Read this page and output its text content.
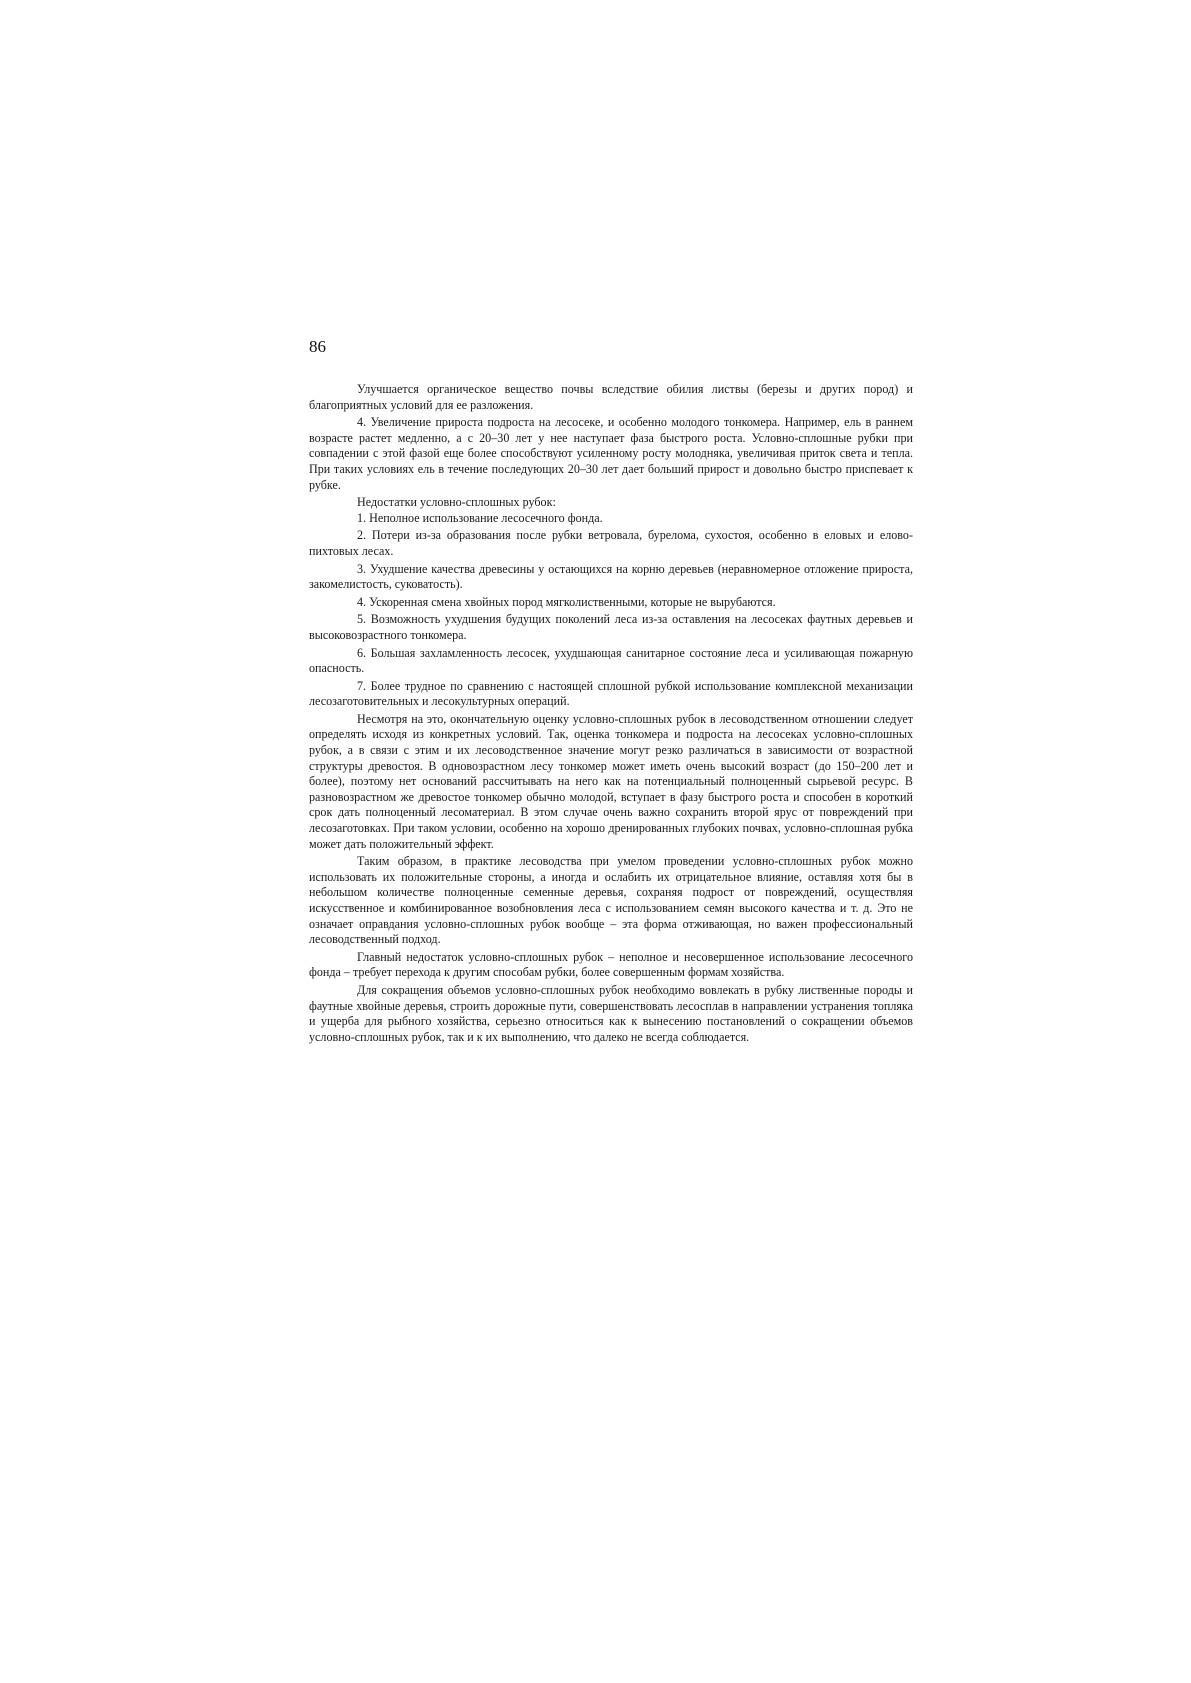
86

Улучшается органическое вещество почвы вследствие обилия листвы (березы и других пород) и благоприятных условий для ее разложения.

4. Увеличение прироста подроста на лесосеке, и особенно молодого тонкомера. Например, ель в раннем возрасте растет медленно, а с 20–30 лет у нее наступает фаза быстрого роста. Условно-сплошные рубки при совпадении с этой фазой еще более способствуют усиленному росту молодняка, увеличивая приток света и тепла. При таких условиях ель в течение последующих 20–30 лет дает больший прирост и довольно быстро приспевает к рубке.

Недостатки условно-сплошных рубок:

1. Неполное использование лесосечного фонда.

2. Потери из-за образования после рубки ветровала, бурелома, сухостоя, особенно в еловых и елово-пихтовых лесах.

3. Ухудшение качества древесины у остающихся на корню деревьев (неравномерное отложение прироста, закомелистость, суковатость).

4. Ускоренная смена хвойных пород мягколиственными, которые не вырубаются.

5. Возможность ухудшения будущих поколений леса из-за оставления на лесосеках фаутных деревьев и высоковозрастного тонкомера.

6. Большая захламленность лесосек, ухудшающая санитарное состояние леса и усиливающая пожарную опасность.

7. Более трудное по сравнению с настоящей сплошной рубкой использование комплексной механизации лесозаготовительных и лесокультурных операций.

Несмотря на это, окончательную оценку условно-сплошных рубок в лесоводственном отношении следует определять исходя из конкретных условий. Так, оценка тонкомера и подроста на лесосеках условно-сплошных рубок, а в связи с этим и их лесоводственное значение могут резко различаться в зависимости от возрастной структуры древостоя. В одновозрастном лесу тонкомер может иметь очень высокий возраст (до 150–200 лет и более), поэтому нет оснований рассчитывать на него как на потенциальный полноценный сырьевой ресурс. В разновозрастном же древостое тонкомер обычно молодой, вступает в фазу быстрого роста и способен в короткий срок дать полноценный лесоматериал. В этом случае очень важно сохранить второй ярус от повреждений при лесозаготовках. При таком условии, особенно на хорошо дренированных глубоких почвах, условно-сплошная рубка может дать положительный эффект.

Таким образом, в практике лесоводства при умелом проведении условно-сплошных рубок можно использовать их положительные стороны, а иногда и ослабить их отрицательное влияние, оставляя хотя бы в небольшом количестве полноценные семенные деревья, сохраняя подрост от повреждений, осуществляя искусственное и комбинированное возобновления леса с использованием семян высокого качества и т. д. Это не означает оправдания условно-сплошных рубок вообще – эта форма отживающая, но важен профессиональный лесоводственный подход.

Главный недостаток условно-сплошных рубок – неполное и несовершенное использование лесосечного фонда – требует перехода к другим способам рубки, более совершенным формам хозяйства.

Для сокращения объемов условно-сплошных рубок необходимо вовлекать в рубку лиственные породы и фаутные хвойные деревья, строить дорожные пути, совершенствовать лесосплав в направлении устранения топляка и ущерба для рыбного хозяйства, серьезно относиться как к вынесению постановлений о сокращении объемов условно-сплошных рубок, так и к их выполнению, что далеко не всегда соблюдается.
